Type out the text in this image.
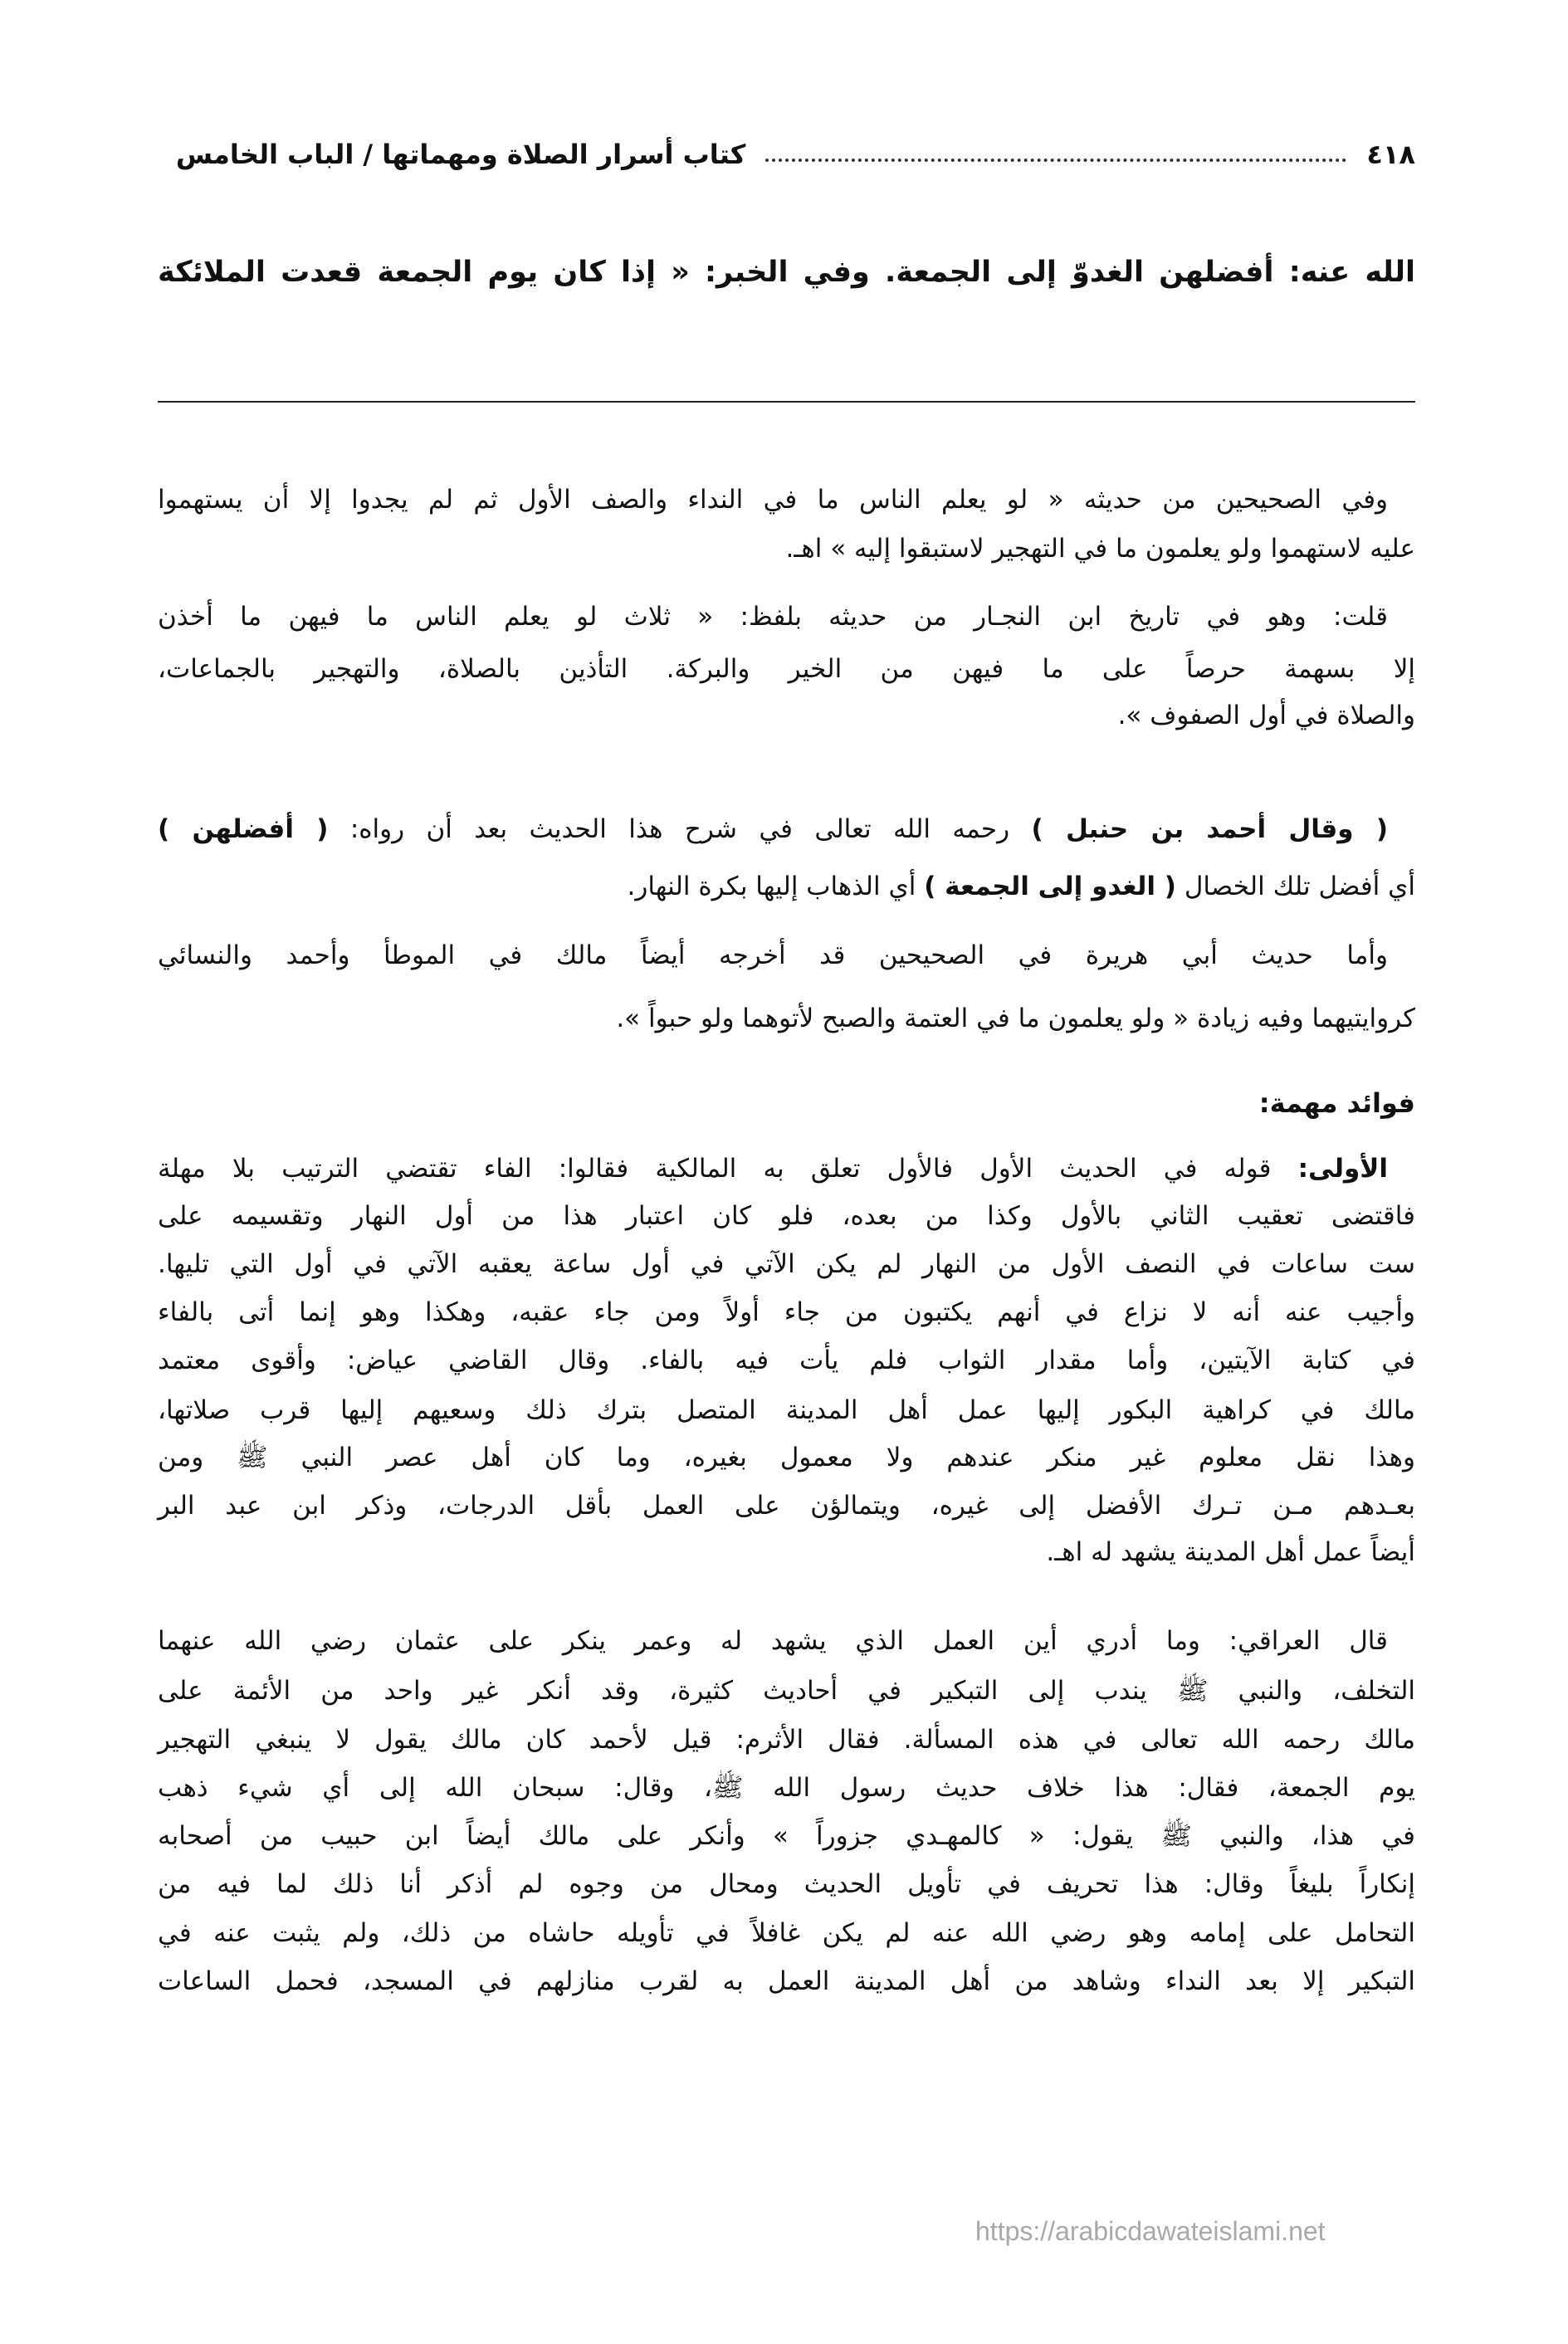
٤١٨
كتاب أسرار الصلاة ومهماتها / الباب الخامس
الله عنه: أفضلهن الغدوّ إلى الجمعة. وفي الخبر: « إذا كان يوم الجمعة قعدت الملائكة
فوائد مهمة:
وفي الصحيحين من حديثه « لو يعلم الناس ما في النداء والصف الأول ثم لم يجدوا إلا أن يستهموا
عليه لاستهموا ولو يعلمون ما في التهجير لاستبقوا إليه » اهـ.
قلت: وهو في تاريخ ابن النجـار من حديثه بلفظ: « ثلاث لو يعلم الناس ما فيهن ما أخذن
إلا بسهمة حرصاً على ما فيهن من الخير والبركة. التأذين بالصلاة، والتهجير بالجماعات،
والصلاة في أول الصفوف ».
( وقال أحمد بن حنبل ) رحمه الله تعالى في شرح هذا الحديث بعد أن رواه: ( أفضلهن )
أي أفضل تلك الخصال ( الغدو إلى الجمعة ) أي الذهاب إليها بكرة النهار.
وأما حديث أبي هريرة في الصحيحين قد أخرجه أيضاً مالك في الموطأ وأحمد والنسائي
كروايتيهما وفيه زيادة « ولو يعلمون ما في العتمة والصبح لأتوهما ولو حبواً ».
الأولى: قوله في الحديث الأول فالأول تعلق به المالكية فقالوا: الفاء تقتضي الترتيب بلا مهلة
فاقتضى تعقيب الثاني بالأول وكذا من بعده، فلو كان اعتبار هذا من أول النهار وتقسيمه على
ست ساعات في النصف الأول من النهار لم يكن الآتي في أول ساعة يعقبه الآتي في أول التي تليها.
وأجيب عنه أنه لا نزاع في أنهم يكتبون من جاء أولاً ومن جاء عقبه، وهكذا وهو إنما أتى بالفاء
في كتابة الآيتين، وأما مقدار الثواب فلم يأت فيه بالفاء. وقال القاضي عياض: وأقوى معتمد
مالك في كراهية البكور إليها عمل أهل المدينة المتصل بترك ذلك وسعيهم إليها قرب صلاتها،
وهذا نقل معلوم غير منكر عندهم ولا معمول بغيره، وما كان أهل عصر النبي ﷺ ومن
بعـدهم مـن تـرك الأفضل إلى غيره، ويتمالؤن على العمل بأقل الدرجات، وذكر ابن عبد البر
أيضاً عمل أهل المدينة يشهد له اهـ.
قال العراقي: وما أدري أين العمل الذي يشهد له وعمر ينكر على عثمان رضي الله عنهما
التخلف، والنبي ﷺ يندب إلى التبكير في أحاديث كثيرة، وقد أنكر غير واحد من الأئمة على
مالك رحمه الله تعالى في هذه المسألة. فقال الأثرم: قيل لأحمد كان مالك يقول لا ينبغي التهجير
يوم الجمعة، فقال: هذا خلاف حديث رسول الله ﷺ، وقال: سبحان الله إلى أي شيء ذهب
في هذا، والنبي ﷺ يقول: « كالمهـدي جزوراً » وأنكر على مالك أيضاً ابن حبيب من أصحابه
إنكاراً بليغاً وقال: هذا تحريف في تأويل الحديث ومحال من وجوه لم أذكر أنا ذلك لما فيه من
التحامل على إمامه وهو رضي الله عنه لم يكن غافلاً في تأويله حاشاه من ذلك، ولم يثبت عنه في
التبكير إلا بعد النداء وشاهد من أهل المدينة العمل به لقرب منازلهم في المسجد، فحمل الساعات
https://arabicdawateislami.net
